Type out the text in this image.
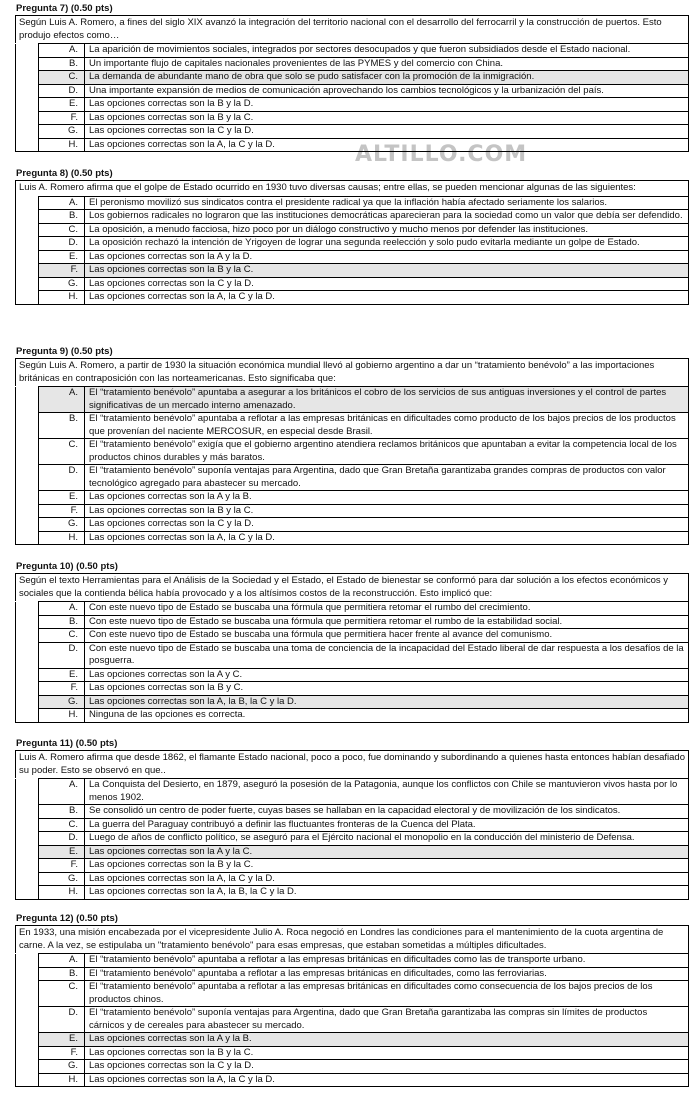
ALTILLO.COM
Pregunta 7) (0.50 pts)
Según Luis A. Romero, a fines del siglo XIX avanzó la integración del territorio nacional con el desarrollo del ferrocarril y la construcción de puertos. Esto produjo efectos como…
	A.	La aparición de movimientos sociales, integrados por sectores desocupados y que fueron subsidiados desde el Estado nacional.
	B.	Un importante flujo de capitales nacionales provenientes de las PYMES y del comercio con China.
	C.	La demanda de abundante mano de obra que solo se pudo satisfacer con la promoción de la inmigración.
	D.	Una importante expansión de medios de comunicación aprovechando los cambios tecnológicos y la urbanización del país.
	E.	Las opciones correctas son la B y la D.
	F.	Las opciones correctas son la B y la C.
	G.	Las opciones correctas son la C y la D.
	H.	Las opciones correctas son la A, la C y la D.
Pregunta 8) (0.50 pts)
Luis A. Romero afirma que el golpe de Estado ocurrido en 1930 tuvo diversas causas; entre ellas, se pueden mencionar algunas de las siguientes:
	A.	El peronismo movilizó sus sindicatos contra el presidente radical ya que la inflación había afectado seriamente los salarios.
	B.	Los gobiernos radicales no lograron que las instituciones democráticas aparecieran para la sociedad como un valor que debía ser defendido.
	C.	La oposición, a menudo facciosa, hizo poco por un diálogo constructivo y mucho menos por defender las instituciones.
	D.	La oposición rechazó la intención de Yrigoyen de lograr una segunda reelección y solo pudo evitarla mediante un golpe de Estado.
	E.	Las opciones correctas son la A y la D.
	F.	Las opciones correctas son la B y la C.
	G.	Las opciones correctas son la C y la D.
	H.	Las opciones correctas son la A, la C y la D.
Pregunta 9) (0.50 pts)
Según Luis A. Romero, a partir de 1930 la situación económica mundial llevó al gobierno argentino a dar un “tratamiento benévolo” a las importaciones británicas en contraposición con las norteamericanas. Esto significaba que:
	A.	El “tratamiento benévolo” apuntaba a asegurar a los británicos el cobro de los servicios de sus antiguas inversiones y el control de partes significativas de un mercado interno amenazado.
	B.	El “tratamiento benévolo” apuntaba a reflotar a las empresas británicas en dificultades como producto de los bajos precios de los productos que provenían del naciente MERCOSUR, en especial desde Brasil.
	C.	El “tratamiento benévolo” exigía que el gobierno argentino atendiera reclamos británicos que apuntaban a evitar la competencia local de los productos chinos durables y más baratos.
	D.	El “tratamiento benévolo” suponía ventajas para Argentina, dado que Gran Bretaña garantizaba grandes compras de productos con valor tecnológico agregado para abastecer su mercado.
	E.	Las opciones correctas son la A y la B.
	F.	Las opciones correctas son la B y la C.
	G.	Las opciones correctas son la C y la D.
	H.	Las opciones correctas son la A, la C y la D.
Pregunta 10) (0.50 pts)
Según el texto Herramientas para el Análisis de la Sociedad y el Estado, el Estado de bienestar se conformó para dar solución a los efectos económicos y sociales que la contienda bélica había provocado y a los altísimos costos de la reconstrucción. Esto implicó que:
	A.	Con este nuevo tipo de Estado se buscaba una fórmula que permitiera retomar el rumbo del crecimiento.
	B.	Con este nuevo tipo de Estado se buscaba una fórmula que permitiera retomar el rumbo de la estabilidad social.
	C.	Con este nuevo tipo de Estado se buscaba una fórmula que permitiera hacer frente al avance del comunismo.
	D.	Con este nuevo tipo de Estado se buscaba una toma de conciencia de la incapacidad del Estado liberal de dar respuesta a los desafíos de la posguerra.
	E.	Las opciones correctas son la A y C.
	F.	Las opciones correctas son la B y C.
	G.	Las opciones correctas son la A, la B, la C y la D.
	H.	Ninguna de las opciones es correcta.
Pregunta 11) (0.50 pts)
Luis A. Romero afirma que desde 1862, el flamante Estado nacional, poco a poco, fue dominando y subordinando a quienes hasta entonces habían desafiado su poder. Esto se observó en que..
	A.	La Conquista del Desierto, en 1879, aseguró la posesión de la Patagonia, aunque los conflictos con Chile se mantuvieron vivos hasta por lo menos 1902.
	B.	Se consolidó un centro de poder fuerte, cuyas bases se hallaban en la capacidad electoral y de movilización de los sindicatos.
	C.	La guerra del Paraguay contribuyó a definir las fluctuantes fronteras de la Cuenca del Plata.
	D.	Luego de años de conflicto político, se aseguró para el Ejército nacional el monopolio en la conducción del ministerio de Defensa.
	E.	Las opciones correctas son la A y la C.
	F.	Las opciones correctas son la B y la C.
	G.	Las opciones correctas son la A, la C y la D.
	H.	Las opciones correctas son la A, la B, la C y la D.
Pregunta 12) (0.50 pts)
En 1933, una misión encabezada por el vicepresidente Julio A. Roca negoció en Londres las condiciones para el mantenimiento de la cuota argentina de carne. A la vez, se estipulaba un "tratamiento benévolo" para esas empresas, que estaban sometidas a múltiples dificultades.
	A.	El “tratamiento benévolo” apuntaba a reflotar a las empresas británicas en dificultades como las de transporte urbano.
	B.	El “tratamiento benévolo” apuntaba a reflotar a las empresas británicas en dificultades, como las ferroviarias.
	C.	El “tratamiento benévolo” apuntaba a reflotar a las empresas británicas en dificultades como consecuencia de los bajos precios de los productos chinos.
	D.	El “tratamiento benévolo” suponía ventajas para Argentina, dado que Gran Bretaña garantizaba las compras sin límites de productos cárnicos y de cereales para abastecer su mercado.
	E.	Las opciones correctas son la A y la B.
	F.	Las opciones correctas son la B y la C.
	G.	Las opciones correctas son la C y la D.
	H.	Las opciones correctas son la A, la C y la D.
